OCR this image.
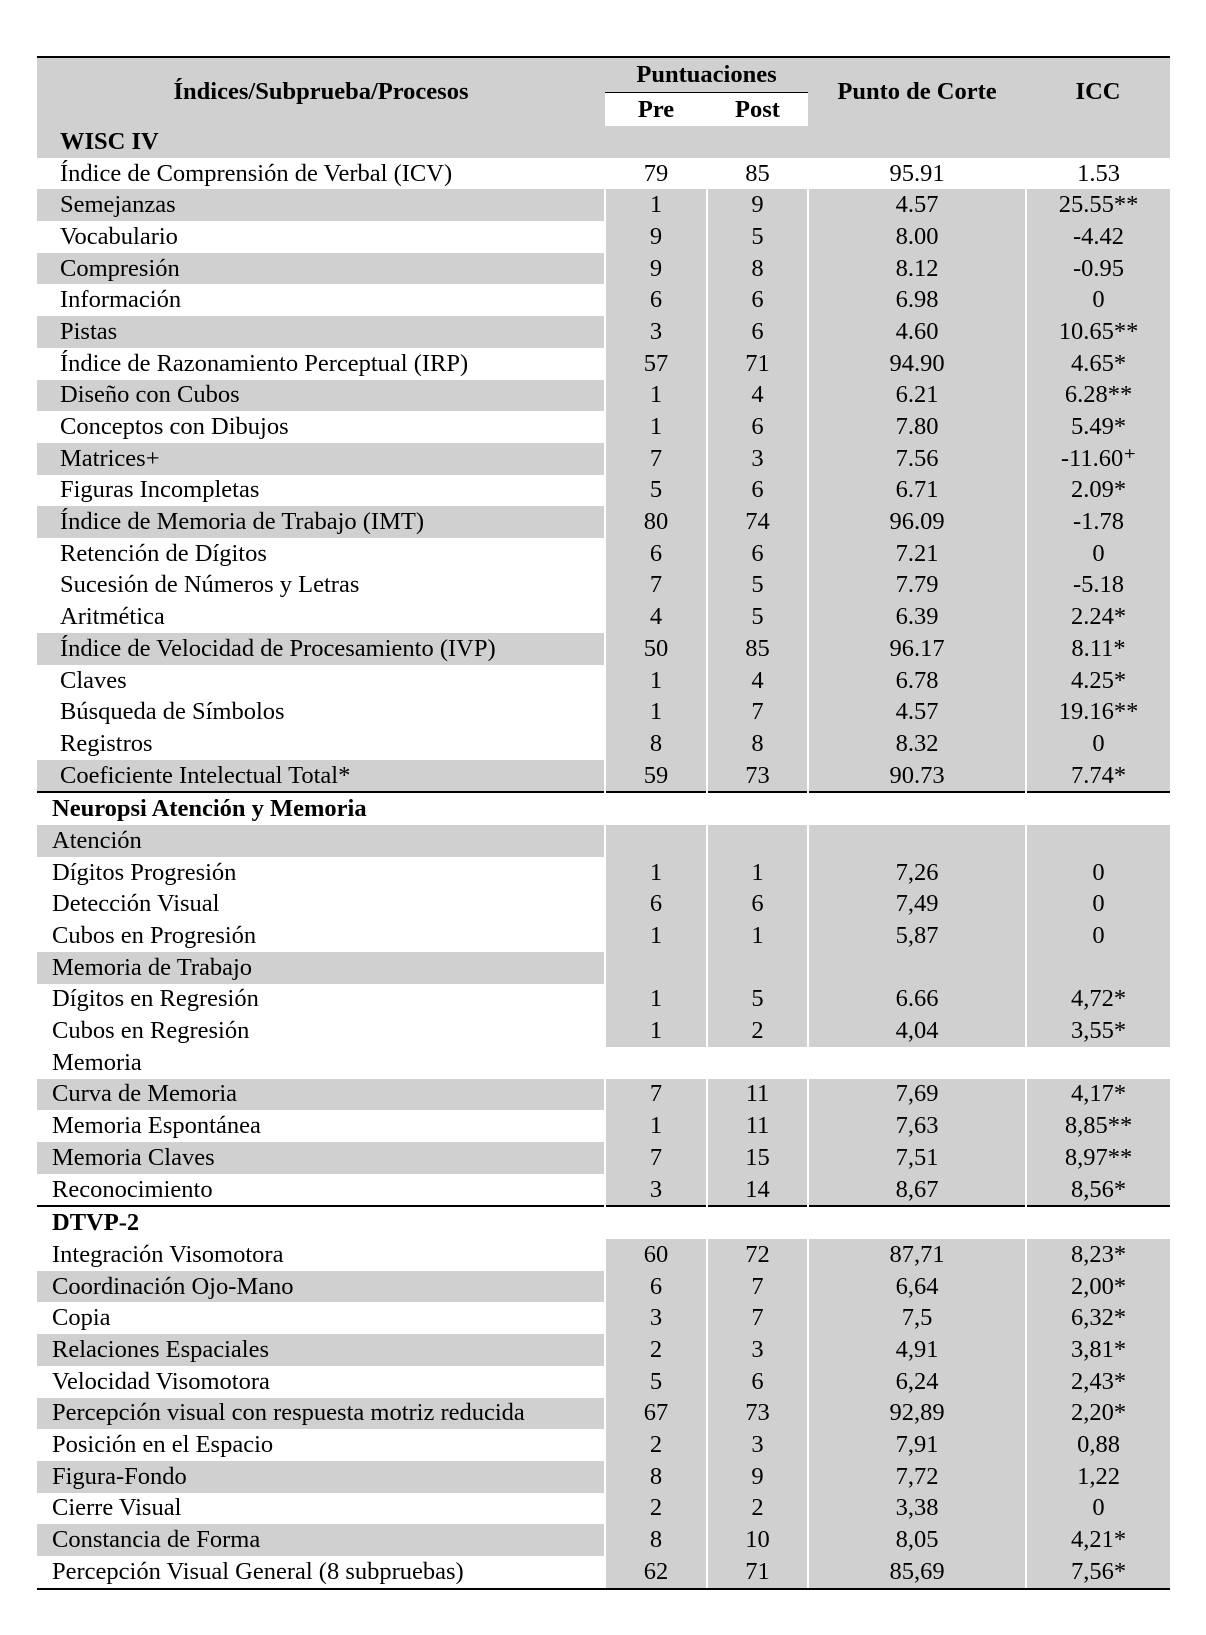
Índices/Subprueba/Procesos	Puntuaciones		Punto de Corte	ICC
	Pre	Post		
WISC IV				
Índice de Comprensión de Verbal (ICV)	79	85	95.91	1.53
Semejanzas	1	9	4.57	25.55**
Vocabulario	9	5	8.00	-4.42
Compresión	9	8	8.12	-0.95
Información	6	6	6.98	0
Pistas	3	6	4.60	10.65**
Índice de Razonamiento Perceptual (IRP)	57	71	94.90	4.65*
Diseño con Cubos	1	4	6.21	6.28**
Conceptos con Dibujos	1	6	7.80	5.49*
Matrices+	7	3	7.56	-11.60⁺
Figuras Incompletas	5	6	6.71	2.09*
Índice de Memoria de Trabajo (IMT)	80	74	96.09	-1.78
Retención de Dígitos	6	6	7.21	0
Sucesión de Números y Letras	7	5	7.79	-5.18
Aritmética	4	5	6.39	2.24*
Índice de Velocidad de Procesamiento (IVP)	50	85	96.17	8.11*
Claves	1	4	6.78	4.25*
Búsqueda de Símbolos	1	7	4.57	19.16**
Registros	8	8	8.32	0
Coeficiente Intelectual Total*	59	73	90.73	7.74*
Neuropsi Atención y Memoria				
Atención				
Dígitos Progresión	1	1	7,26	0
Detección Visual	6	6	7,49	0
Cubos en Progresión	1	1	5,87	0
Memoria de Trabajo				
Dígitos en Regresión	1	5	6.66	4,72*
Cubos en Regresión	1	2	4,04	3,55*
Memoria				
Curva de Memoria	7	11	7,69	4,17*
Memoria Espontánea	1	11	7,63	8,85**
Memoria Claves	7	15	7,51	8,97**
Reconocimiento	3	14	8,67	8,56*
DTVP-2				
Integración Visomotora	60	72	87,71	8,23*
Coordinación Ojo-Mano	6	7	6,64	2,00*
Copia	3	7	7,5	6,32*
Relaciones Espaciales	2	3	4,91	3,81*
Velocidad Visomotora	5	6	6,24	2,43*
Percepción visual con respuesta motriz reducida	67	73	92,89	2,20*
Posición en el Espacio	2	3	7,91	0,88
Figura-Fondo	8	9	7,72	1,22
Cierre Visual	2	2	3,38	0
Constancia de Forma	8	10	8,05	4,21*
Percepción Visual General (8 subpruebas)	62	71	85,69	7,56*
